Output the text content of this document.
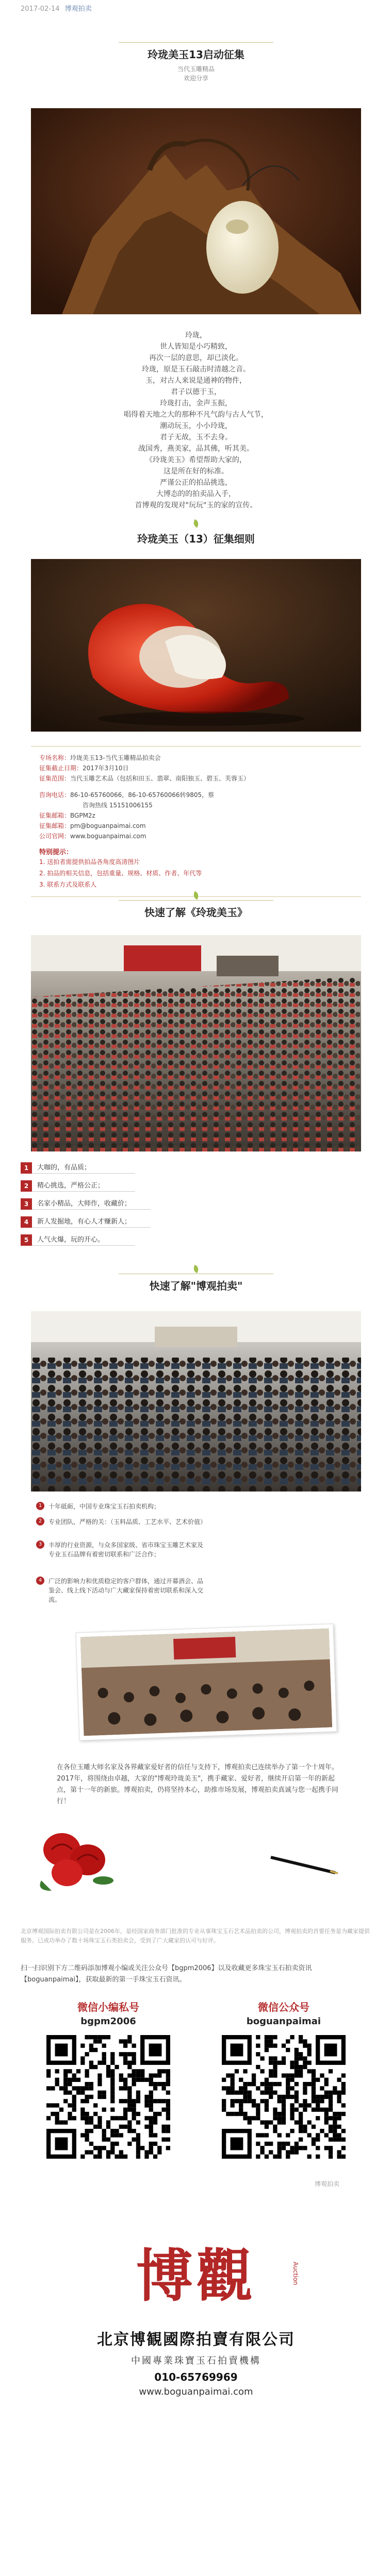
2017-02-14 博观拍卖
玲珑美玉13启动征集
当代玉雕精品
欢迎分享
玲珑，
世人皆知是小巧精致，
再次一层的意思，却已淡化。
玲珑，原是玉石敲击时清越之音。
玉，对古人来说是通神的物件，
君子以德于玉，
玲珑打击，金声玉振，
唱得着天地之大的那种不凡气韵与古人气节，
潮动玩玉，小小玲珑，
君子无故，玉不去身。
战国秀，燕美家，品其佛，听其美。
《玲珑美玉》希望帮助大家的，
这是所在好的标准。
严谨公正的拍品挑选，
大博态的的拍卖品入手，
首博观的发现对"玩玩"玉的家的宣传。
玲珑美玉（13）征集细则
专场名称：玲珑美玉13-当代玉雕精品拍卖会
征集截止日期：2017年3月10日
征集范围：当代玉雕艺术品（包括和田玉、翡翠、南阳独玉、碧玉、芙蓉玉）
咨询电话：86-10-65760066，86-10-65760066转9805，蔡
咨询热线 15151006155
征集邮箱：BGPM2z
征集邮箱：pm@boguanpaimai.com
公司官网：www.boguanpaimai.com
特别提示：
1. 送拍者需提供拍品各角度高清图片
2. 拍品的相关信息，包括重量、规格、材质、作者、年代等
3. 联系方式及联系人
快速了解《玲珑美玉》
1	大咖的，有品质；
2	精心挑选，严格公正；
3	名家小精品，大师作，收藏价；
4	新人发掘地，有心人才赚新人；
5	人气火爆，玩的开心。
快速了解"博观拍卖"
1	十年砥砺，中国专业珠宝玉石拍卖机构；
2	专业团队，严格的关：（玉料品质、工艺水平、艺术价值）
3	丰厚的行业资源，与众多国家级、省市珠宝玉雕艺术家及专业玉石品牌有着密切联系和广泛合作；
4	广泛的影响力和优质稳定的客户群体，通过开幕酒会、品鉴会、线上线下活动与广大藏家保持着密切联系和深入交流。
在各位玉雕大师名家及各界藏家爱好者的信任与支持下，博观拍卖已连续举办了第一个十周年。2017年，将围绕由卓越，大家的"博观玲珑美玉"，携手藏家、爱好者，继续开启第一年的新起点，第十一年的新旅。博观拍卖，仍将坚持本心，助推市场发展，博观拍卖真诚与您一起携手同行！
北京博观国际拍卖有限公司是在2006年，是经国家商务部门批准的专业从事珠宝玉石艺术品拍卖的公司，博观拍卖的首要任务是为藏家提供服务。已成功举办了数十场珠宝玉石类拍卖会，受到了广大藏家的认可与好评。
扫一扫识别下方二维码添加博观小编或关注公众号【bgpm2006】以及收藏更多珠宝玉石拍卖资讯【boguanpaimai】，获取最新的第一手珠宝玉石资讯。
微信小编私号
bgpm2006
微信公众号
boguanpaimai
博观拍卖
博觀	Auction
北京博観國際拍賣有限公司
中國專業珠寶玉石拍賣機構
010-65769969
www.boguanpaimai.com
